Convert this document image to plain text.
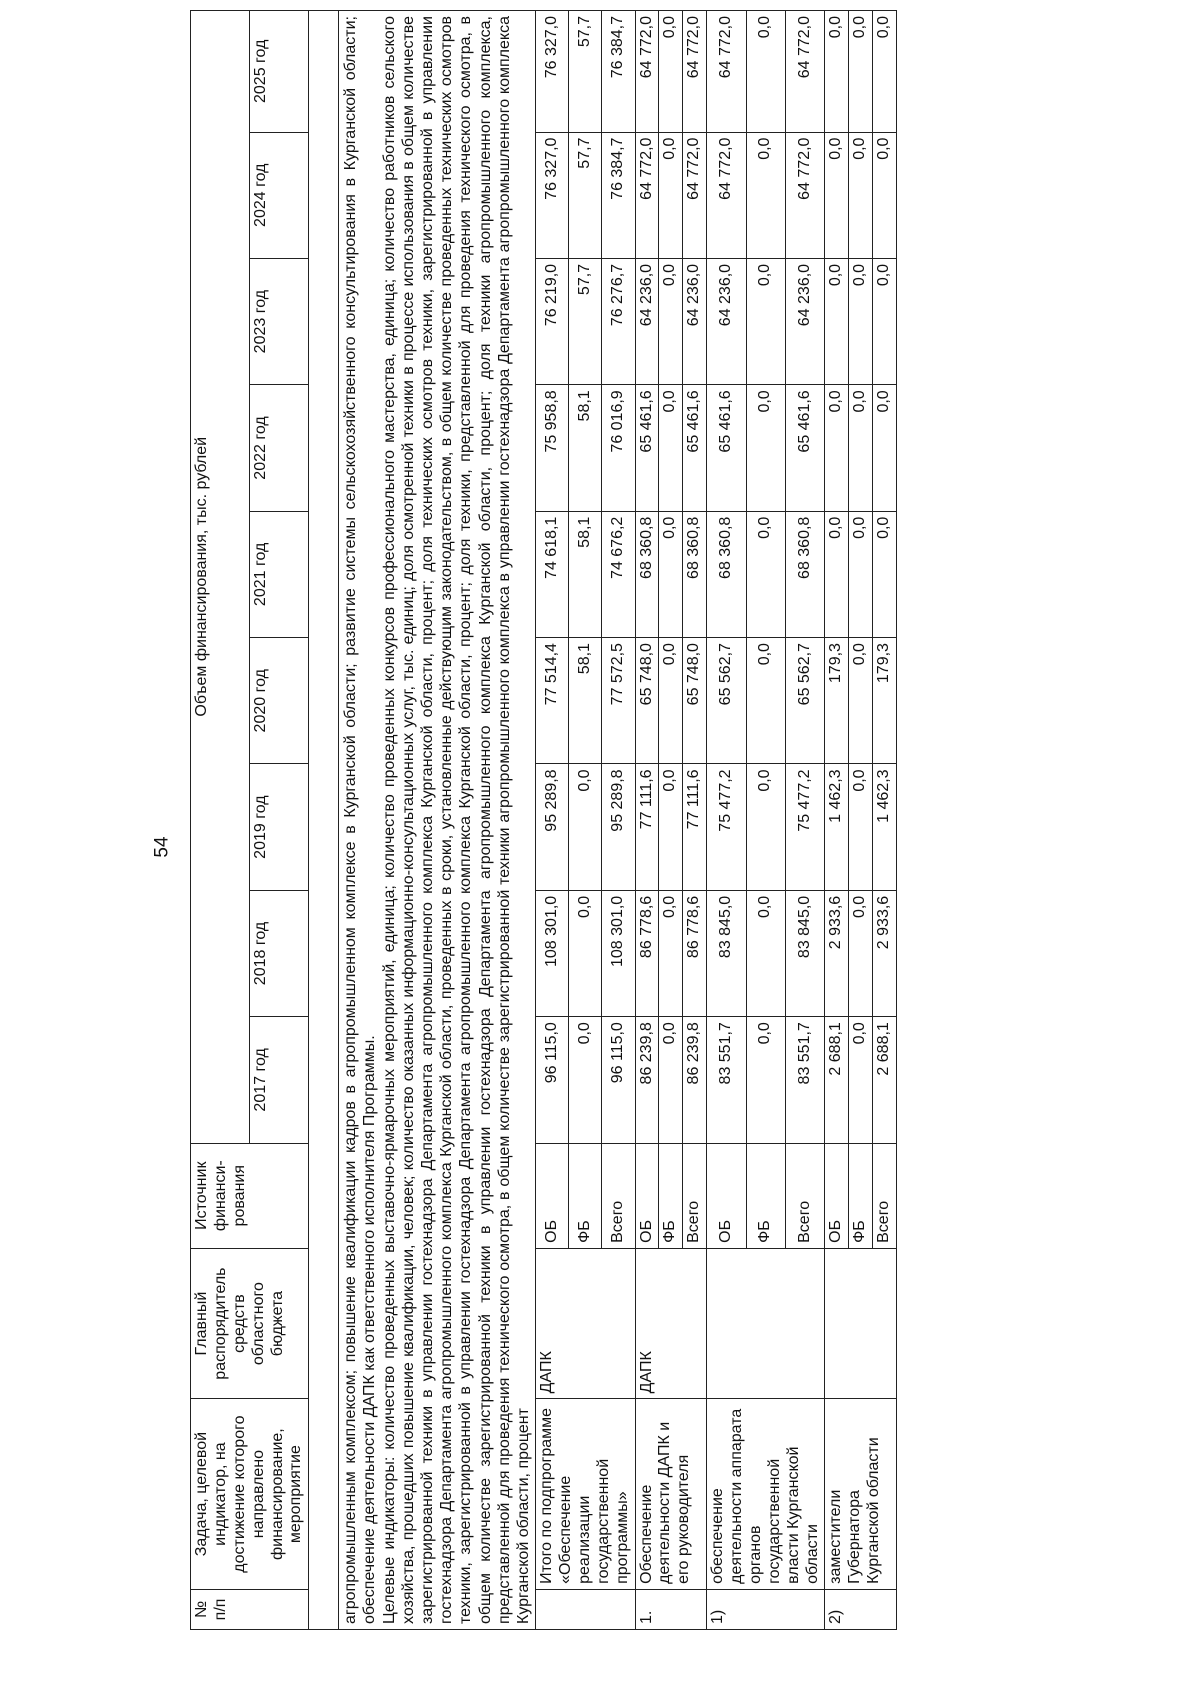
54
№ п/п	Задача, целевой индикатор, на достижение которого направлено финансирование, мероприятие	Главный распорядитель средств областного бюджета	Источник финанси-рования	Объем финансирования, тыс. рублей								
				2017 год	2018 год	2019 год	2020 год	2021 год	2022 год	2023 год	2024 год	2025 год

агропромышленным комплексом; повышение квалификации кадров в агропромышленном комплексе в Курганской области; развитие системы сельскохозяйственного консультирования в Курганской области; обеспечение деятельности ДАПК как ответственного исполнителя Программы. Целевые индикаторы: количество проведенных выставочно-ярмарочных мероприятий, единица; количество проведенных конкурсов профессионального мастерства, единица; количество работников сельского хозяйства, прошедших повышение квалификации, человек; количество оказанных информационно-консультационных услуг, тыс. единиц; доля осмотренной техники в процессе использования в общем количестве зарегистрированной техники в управлении гостехнадзора Департамента агропромышленного комплекса Курганской области, процент; доля технических осмотров техники, зарегистрированной в управлении гостехнадзора Департамента агропромышленного комплекса Курганской области, проведенных в сроки, установленные действующим законодательством, в общем количестве проведенных технических осмотров техники, зарегистрированной в управлении гостехнадзора Департамента агропромышленного комплекса Курганской области, процент; доля техники, представленной для проведения технического осмотра, в общем количестве зарегистрированной техники в управлении гостехнадзора Департамента агропромышленного комплекса Курганской области, процент; доля техники агропромышленного комплекса, представленной для проведения технического осмотра, в общем количестве зарегистрированной техники агропромышленного комплекса в управлении гостехнадзора Департамента агропромышленного комплекса Курганской области, процент												

	Итого по подпрограмме «Обеспечение реализации государственной программы»	ДАПК	ОБ	96 115,0	108 301,0	95 289,8	77 514,4	74 618,1	75 958,8	76 219,0	76 327,0	76 327,0
			ФБ	0,0	0,0	0,0	58,1	58,1	58,1	57,7	57,7	57,7
			Всего	96 115,0	108 301,0	95 289,8	77 572,5	74 676,2	76 016,9	76 276,7	76 384,7	76 384,7
1.	Обеспечение деятельности ДАПК и его руководителя	ДАПК	ОБ	86 239,8	86 778,6	77 111,6	65 748,0	68 360,8	65 461,6	64 236,0	64 772,0	64 772,0
			ФБ	0,0	0,0	0,0	0,0	0,0	0,0	0,0	0,0	0,0
			Всего	86 239,8	86 778,6	77 111,6	65 748,0	68 360,8	65 461,6	64 236,0	64 772,0	64 772,0
1)	обеспечение деятельности аппарата органов государственной власти Курганской области		ОБ	83 551,7	83 845,0	75 477,2	65 562,7	68 360,8	65 461,6	64 236,0	64 772,0	64 772,0
			ФБ	0,0	0,0	0,0	0,0	0,0	0,0	0,0	0,0	0,0
			Всего	83 551,7	83 845,0	75 477,2	65 562,7	68 360,8	65 461,6	64 236,0	64 772,0	64 772,0
2)	заместители Губернатора Курганской области		ОБ	2 688,1	2 933,6	1 462,3	179,3	0,0	0,0	0,0	0,0	0,0
			ФБ	0,0	0,0	0,0	0,0	0,0	0,0	0,0	0,0	0,0
			Всего	2 688,1	2 933,6	1 462,3	179,3	0,0	0,0	0,0	0,0	0,0
